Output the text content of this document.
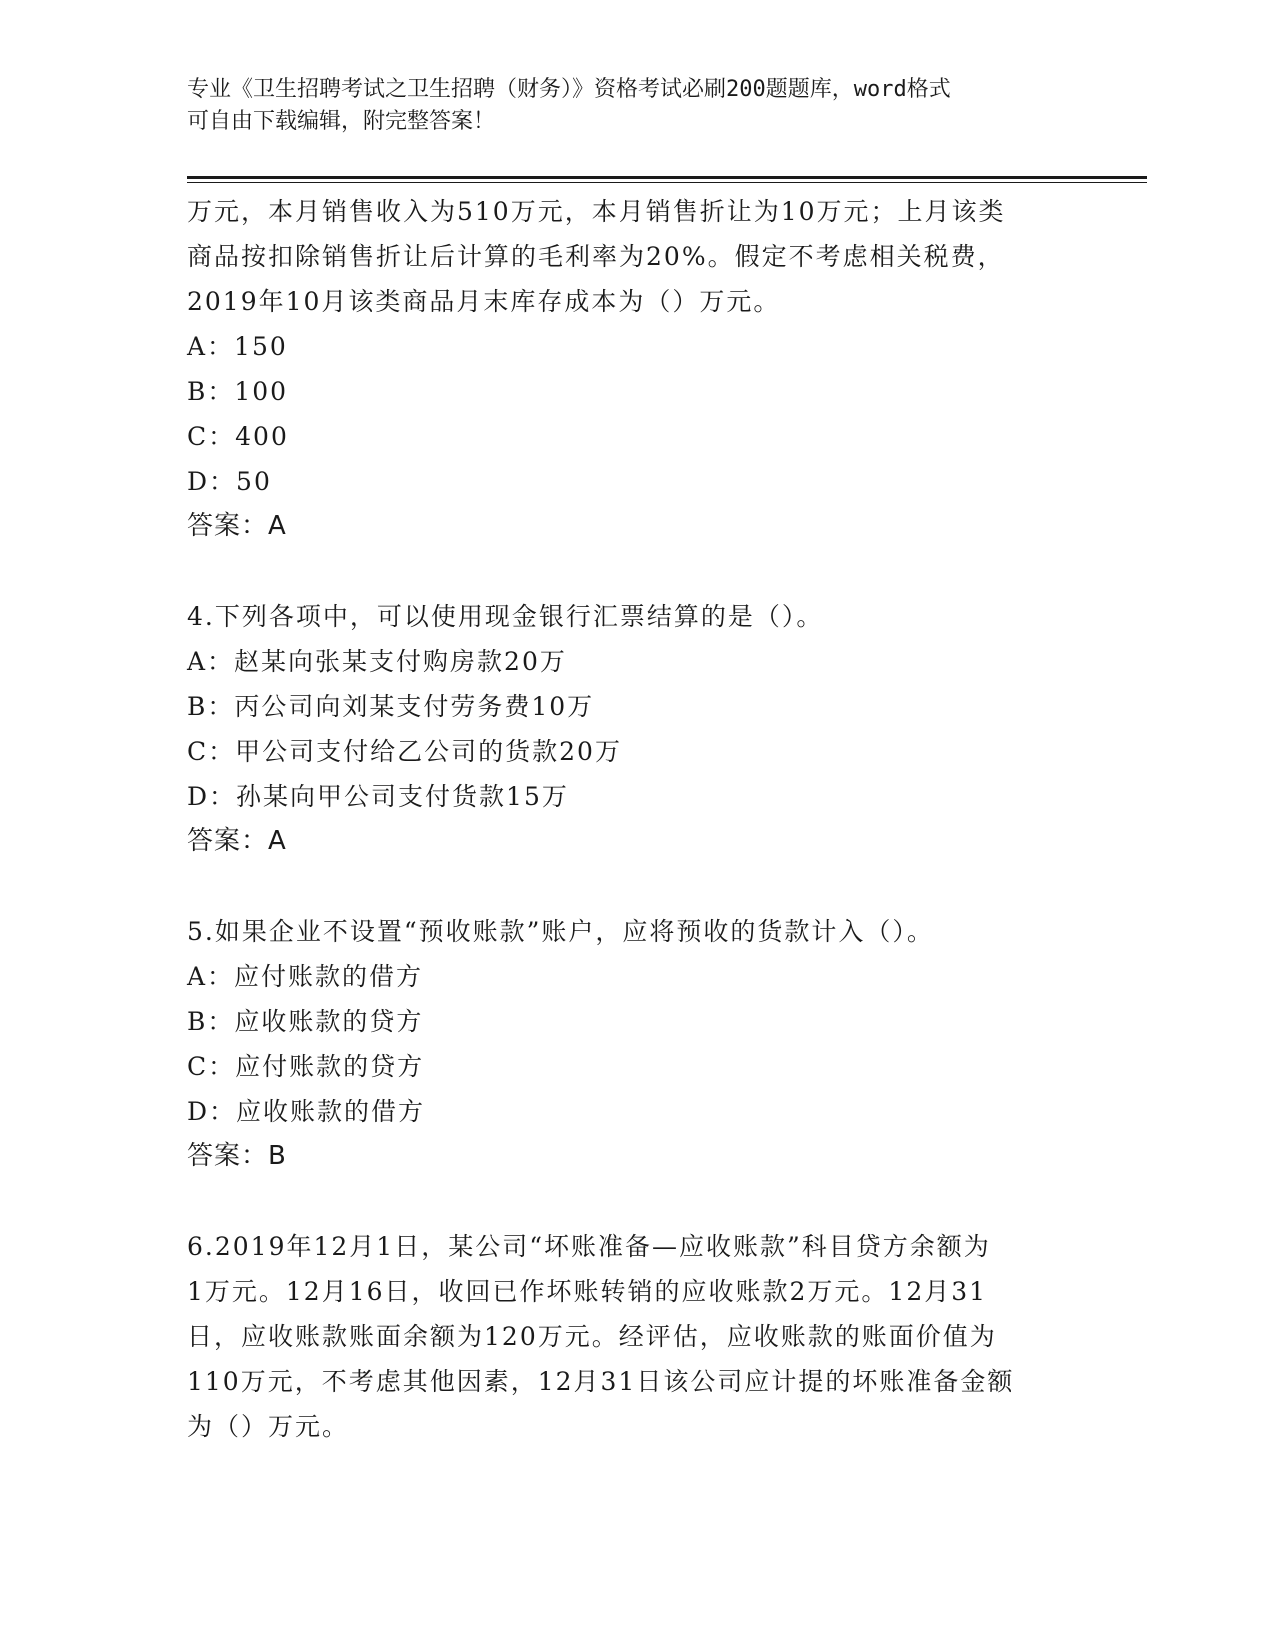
专业《卫生招聘考试之卫生招聘（财务）》资格考试必刷200题题库，word格式
可自由下载编辑，附完整答案！
万元，本月销售收入为510万元，本月销售折让为10万元；上月该类
商品按扣除销售折让后计算的毛利率为20%。假定不考虑相关税费，
2019年10月该类商品月末库存成本为（）万元。
A：150
B：100
C：400
D：50
答案：A
4.下列各项中，可以使用现金银行汇票结算的是（）。
A：赵某向张某支付购房款20万
B：丙公司向刘某支付劳务费10万
C：甲公司支付给乙公司的货款20万
D：孙某向甲公司支付货款15万
答案：A
5.如果企业不设置“预收账款”账户，应将预收的货款计入（）。
A：应付账款的借方
B：应收账款的贷方
C：应付账款的贷方
D：应收账款的借方
答案：B
6.2019年12月1日，某公司“坏账准备—应收账款”科目贷方余额为
1万元。12月16日，收回已作坏账转销的应收账款2万元。12月31
日，应收账款账面余额为120万元。经评估，应收账款的账面价值为
110万元，不考虑其他因素，12月31日该公司应计提的坏账准备金额
为（）万元。
